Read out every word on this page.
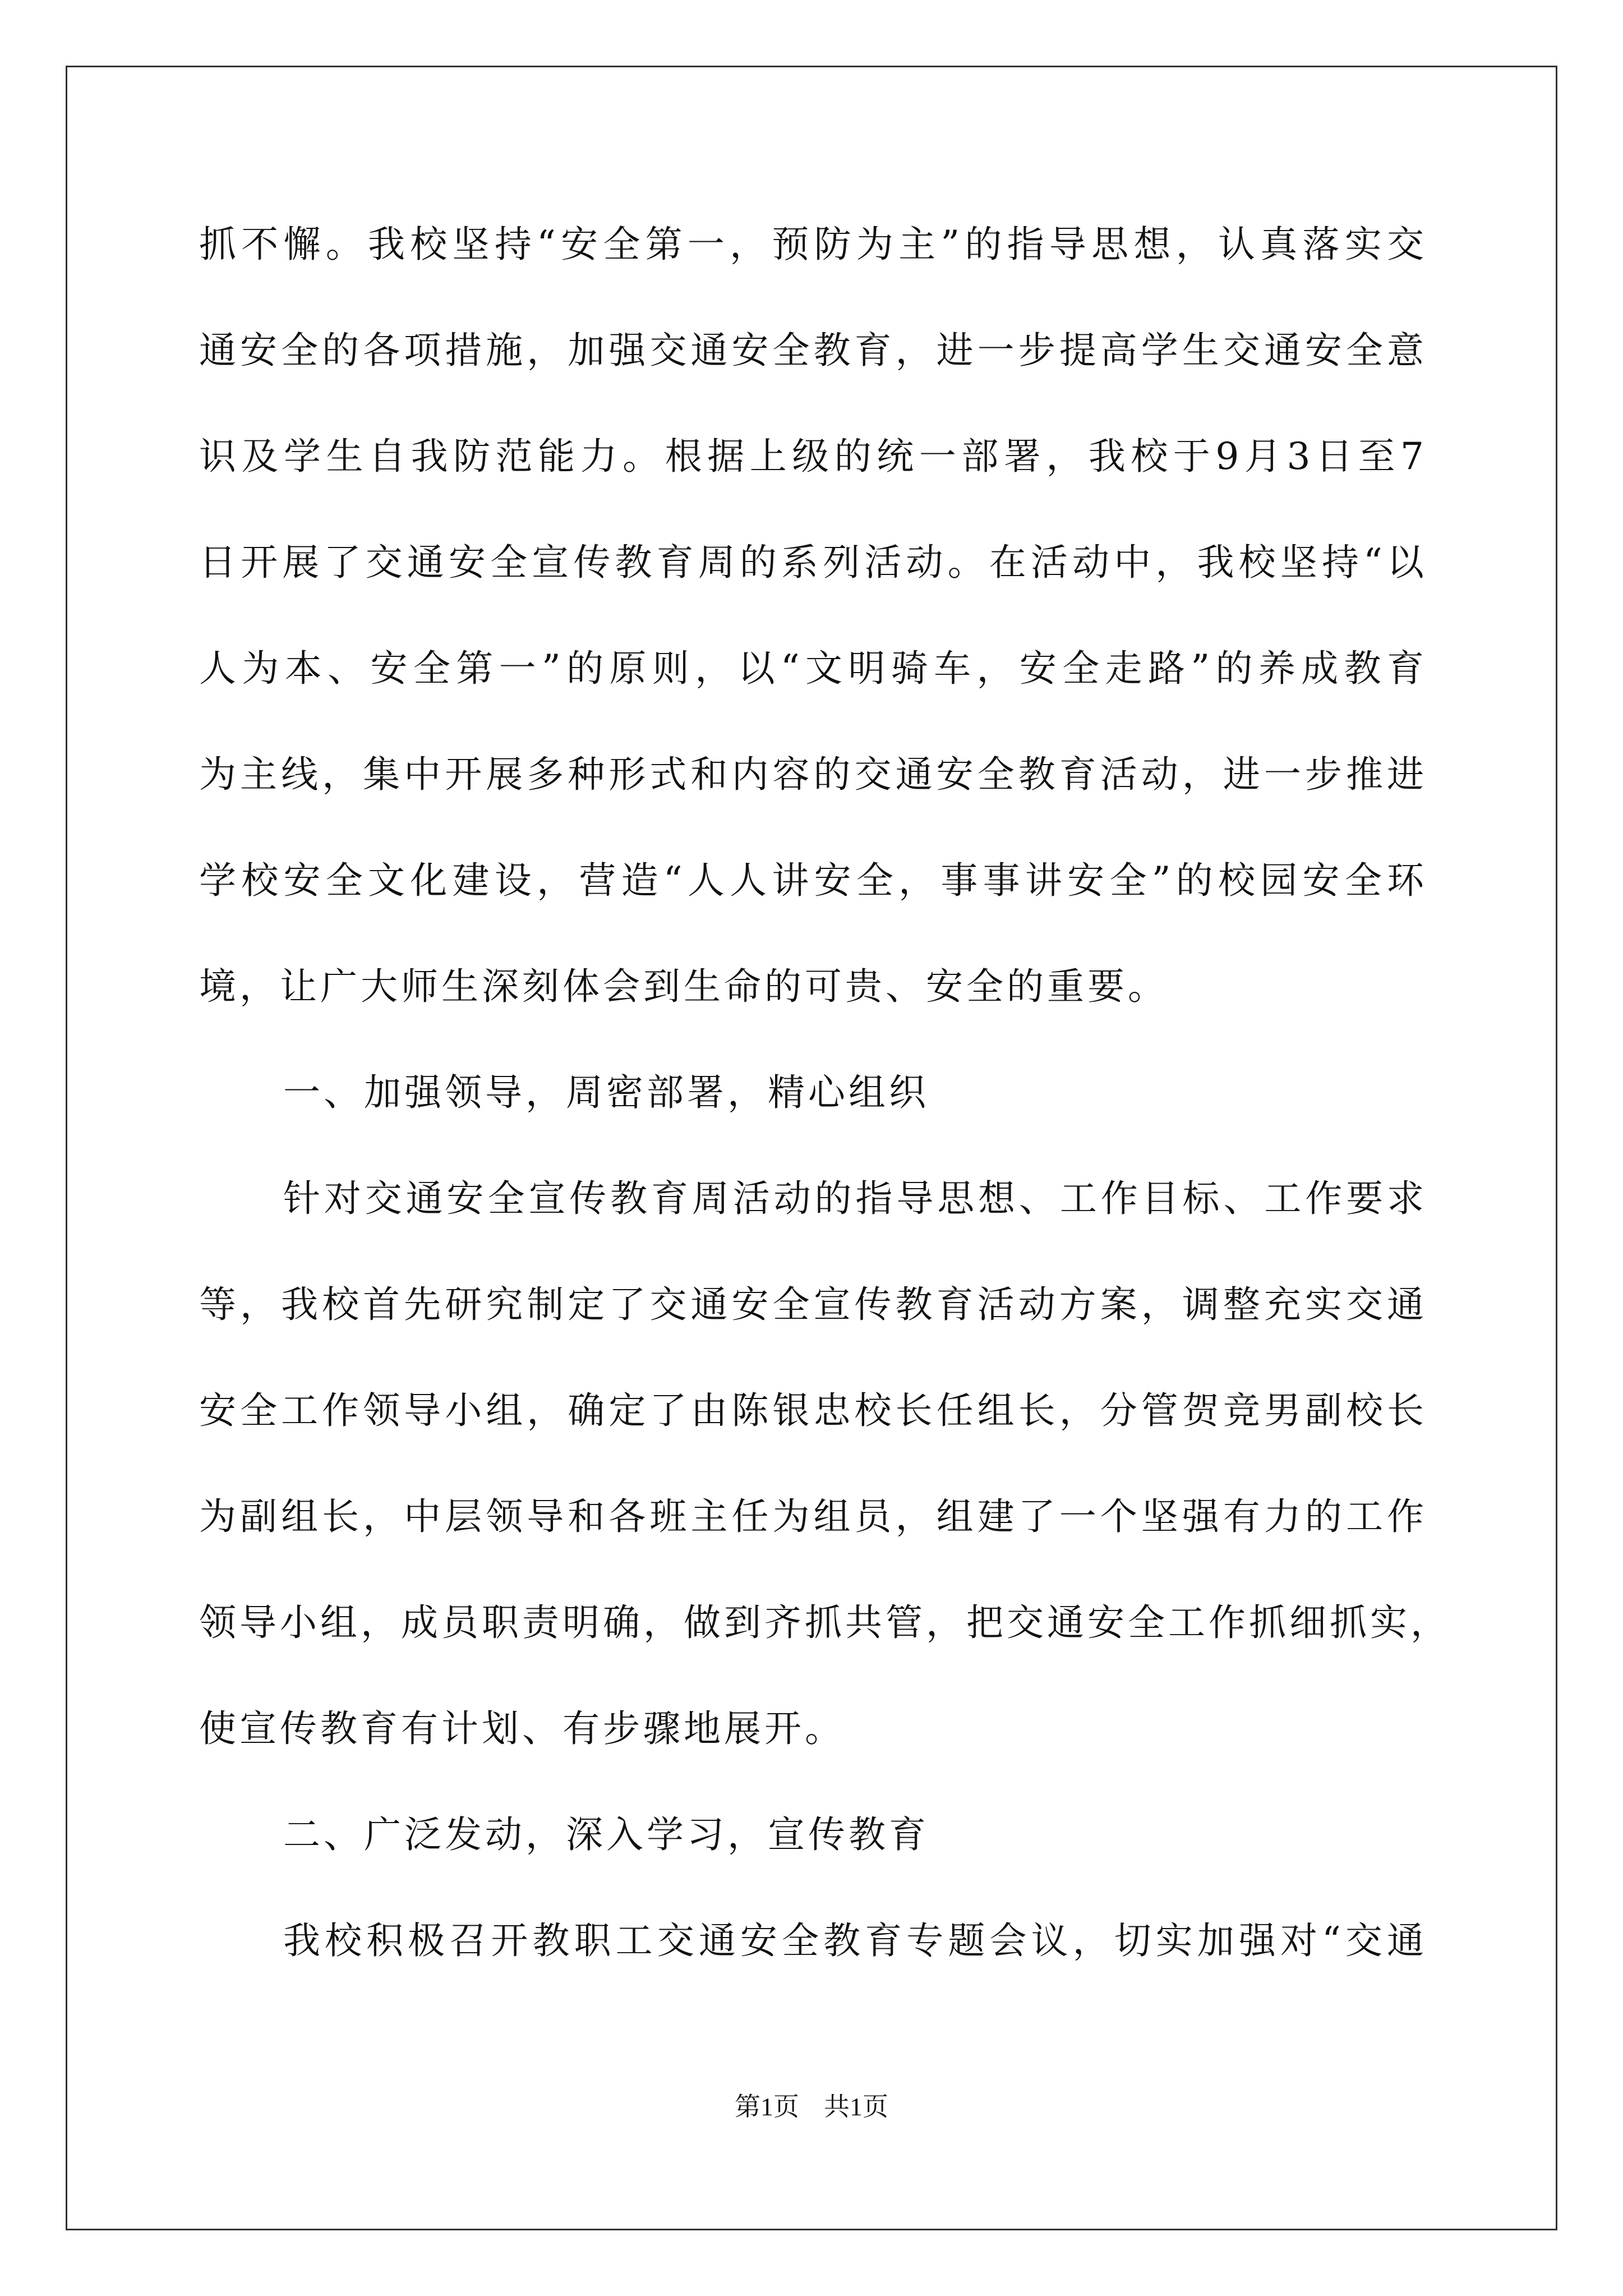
抓不懈。我校坚持“安全第一，预防为主”的指导思想，认真落实交
通安全的各项措施，加强交通安全教育，进一步提高学生交通安全意
识及学生自我防范能力。根据上级的统一部署，我校于9月3日至7
日开展了交通安全宣传教育周的系列活动。在活动中，我校坚持“以
人为本、安全第一”的原则，以“文明骑车，安全走路”的养成教育
为主线，集中开展多种形式和内容的交通安全教育活动，进一步推进
学校安全文化建设，营造“人人讲安全，事事讲安全”的校园安全环
境，让广大师生深刻体会到生命的可贵、安全的重要。
一、加强领导，周密部署，精心组织
针对交通安全宣传教育周活动的指导思想、工作目标、工作要求
等，我校首先研究制定了交通安全宣传教育活动方案，调整充实交通
安全工作领导小组，确定了由陈银忠校长任组长，分管贺竞男副校长
为副组长，中层领导和各班主任为组员，组建了一个坚强有力的工作
领导小组，成员职责明确，做到齐抓共管，把交通安全工作抓细抓实，
使宣传教育有计划、有步骤地展开。
二、广泛发动，深入学习，宣传教育
我校积极召开教职工交通安全教育专题会议，切实加强对“交通
第1页 共1页
